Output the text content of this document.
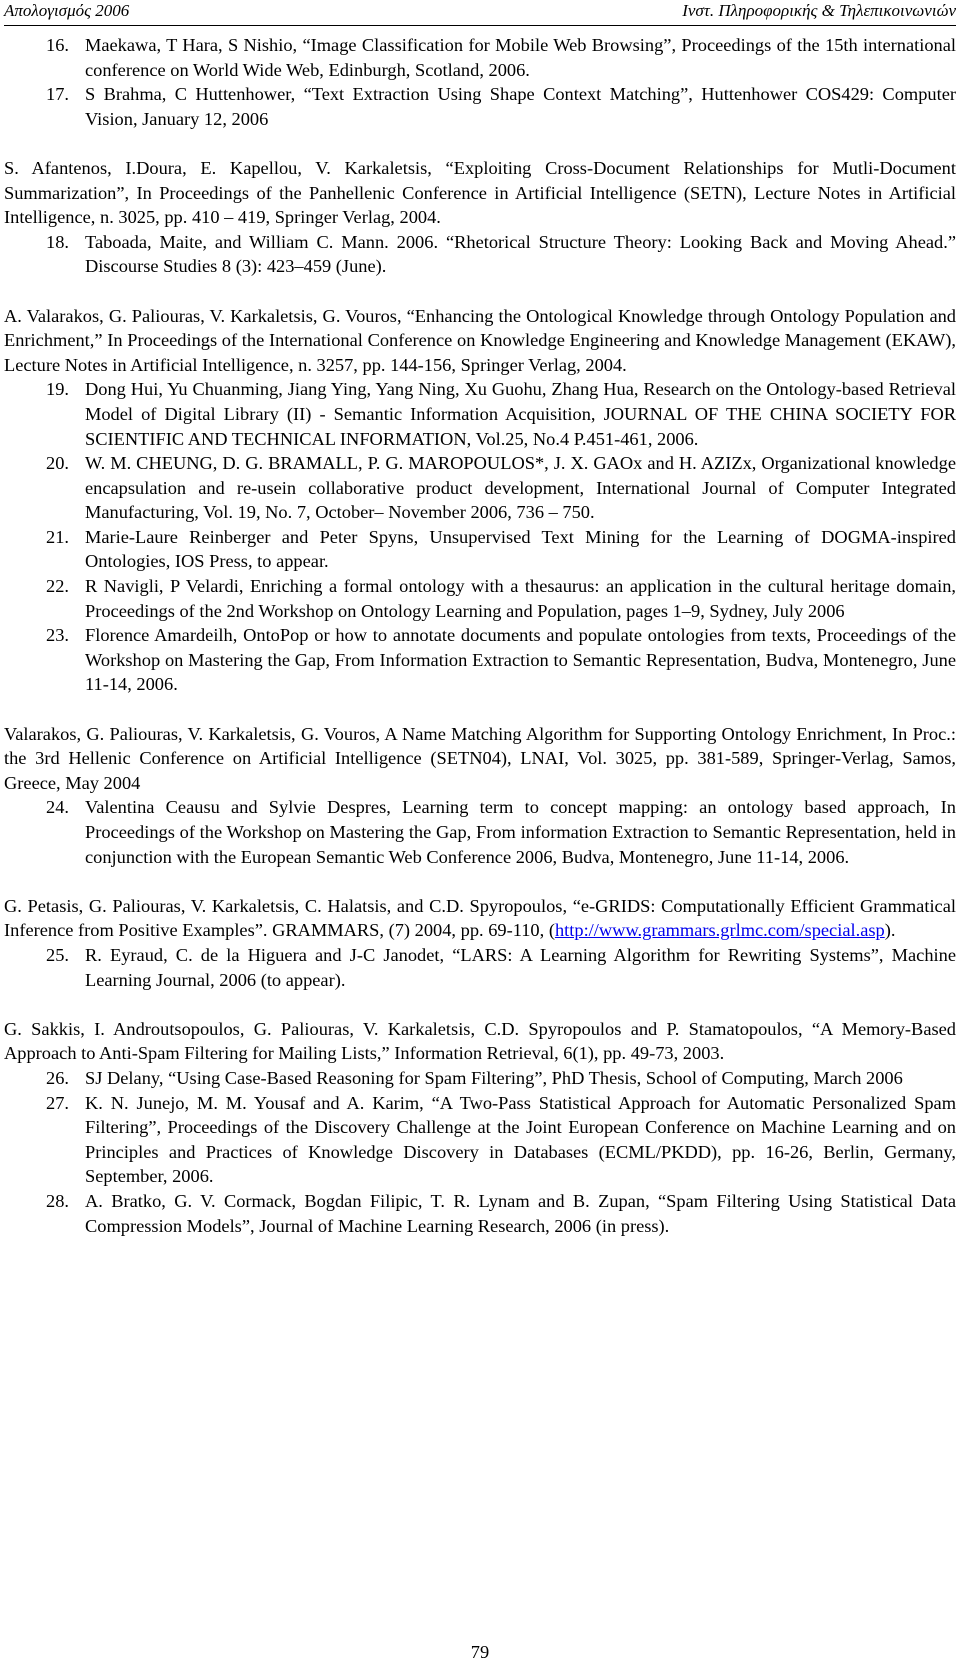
Απολογισμός 2006	Ινστ. Πληροφορικής & Τηλεπικοινωνιών
16. Maekawa, T Hara, S Nishio, “Image Classification for Mobile Web Browsing”, Proceedings of the 15th international conference on World Wide Web, Edinburgh, Scotland, 2006.
17. S Brahma, C Huttenhower, “Text Extraction Using Shape Context Matching”, Huttenhower COS429: Computer Vision, January 12, 2006
S. Afantenos, I.Doura, E. Kapellou, V. Karkaletsis, “Exploiting Cross-Document Relationships for Mutli-Document Summarization”, In Proceedings of the Panhellenic Conference in Artificial Intelligence (SETN), Lecture Notes in Artificial Intelligence, n. 3025, pp. 410 – 419, Springer Verlag, 2004.
18. Taboada, Maite, and William C. Mann. 2006. “Rhetorical Structure Theory: Looking Back and Moving Ahead.” Discourse Studies 8 (3): 423–459 (June).
A. Valarakos, G. Paliouras, V. Karkaletsis, G. Vouros, “Enhancing the Ontological Knowledge through Ontology Population and Enrichment,” In Proceedings of the International Conference on Knowledge Engineering and Knowledge Management (EKAW), Lecture Notes in Artificial Intelligence, n. 3257, pp. 144-156, Springer Verlag, 2004.
19. Dong Hui, Yu Chuanming, Jiang Ying, Yang Ning, Xu Guohu, Zhang Hua, Research on the Ontology-based Retrieval Model of Digital Library (II) - Semantic Information Acquisition, JOURNAL OF THE CHINA SOCIETY FOR SCIENTIFIC AND TECHNICAL INFORMATION, Vol.25, No.4 P.451-461, 2006.
20. W. M. CHEUNG, D. G. BRAMALL, P. G. MAROPOULOS*, J. X. GAOx and H. AZIZx, Organizational knowledge encapsulation and re-usein collaborative product development, International Journal of Computer Integrated Manufacturing, Vol. 19, No. 7, October– November 2006, 736 – 750.
21. Marie-Laure Reinberger and Peter Spyns, Unsupervised Text Mining for the Learning of DOGMA-inspired Ontologies, IOS Press, to appear.
22. R Navigli, P Velardi, Enriching a formal ontology with a thesaurus: an application in the cultural heritage domain, Proceedings of the 2nd Workshop on Ontology Learning and Population, pages 1–9, Sydney, July 2006
23. Florence Amardeilh, OntoPop or how to annotate documents and populate ontologies from texts, Proceedings of the Workshop on Mastering the Gap, From Information Extraction to Semantic Representation, Budva, Montenegro, June 11-14, 2006.
Valarakos, G. Paliouras, V. Karkaletsis, G. Vouros, A Name Matching Algorithm for Supporting Ontology Enrichment, In Proc.: the 3rd Hellenic Conference on Artificial Intelligence (SETN04), LNAI, Vol. 3025, pp. 381-589, Springer-Verlag, Samos, Greece, May 2004
24. Valentina Ceausu and Sylvie Despres, Learning term to concept mapping: an ontology based approach, In Proceedings of the Workshop on Mastering the Gap, From information Extraction to Semantic Representation, held in conjunction with the European Semantic Web Conference 2006, Budva, Montenegro, June 11-14, 2006.
G. Petasis, G. Paliouras, V. Karkaletsis, C. Halatsis, and C.D. Spyropoulos, “e-GRIDS: Computationally Efficient Grammatical Inference from Positive Examples”. GRAMMARS, (7) 2004, pp. 69-110, (http://www.grammars.grlmc.com/special.asp).
25. R. Eyraud, C. de la Higuera and J-C Janodet, “LARS: A Learning Algorithm for Rewriting Systems”, Machine Learning Journal, 2006 (to appear).
G. Sakkis, I. Androutsopoulos, G. Paliouras, V. Karkaletsis, C.D. Spyropoulos and P. Stamatopoulos, “A Memory-Based Approach to Anti-Spam Filtering for Mailing Lists,” Information Retrieval, 6(1), pp. 49-73, 2003.
26. SJ Delany, “Using Case-Based Reasoning for Spam Filtering”, PhD Thesis, School of Computing, March 2006
27. K. N. Junejo, M. M. Yousaf and A. Karim, “A Two-Pass Statistical Approach for Automatic Personalized Spam Filtering”, Proceedings of the Discovery Challenge at the Joint European Conference on Machine Learning and on Principles and Practices of Knowledge Discovery in Databases (ECML/PKDD), pp. 16-26, Berlin, Germany, September, 2006.
28. A. Bratko, G. V. Cormack, Bogdan Filipic, T. R. Lynam and B. Zupan, “Spam Filtering Using Statistical Data Compression Models”, Journal of Machine Learning Research, 2006 (in press).
79
